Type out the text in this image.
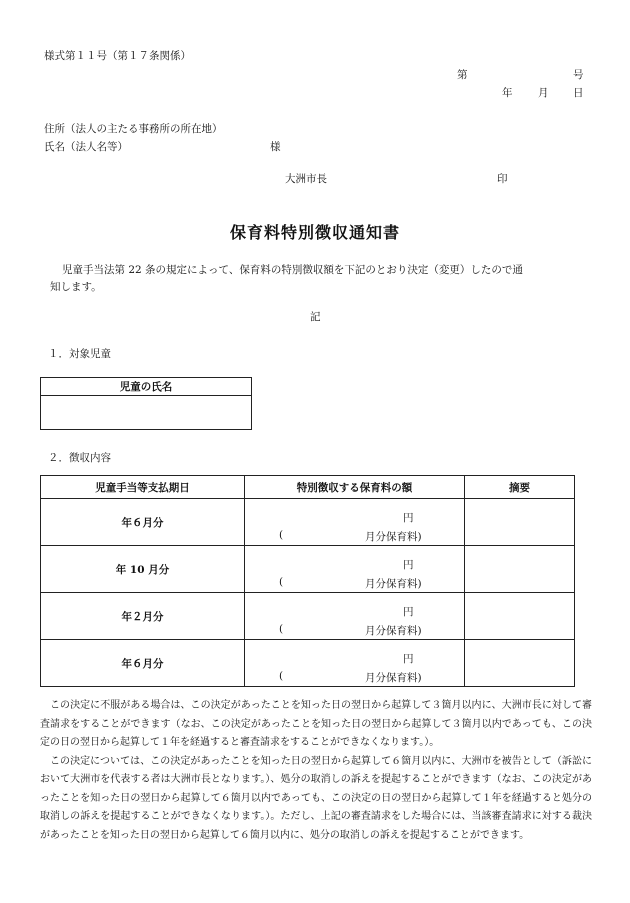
様式第１１号（第１７条関係）
第	号
年 月 日
住所（法人の主たる事務所の所在地）
氏名（法人名等）	様
大洲市長	印
保育料特別徴収通知書
児童手当法第 22 条の規定によって、保育料の特別徴収額を下記のとおり決定（変更）したので通
知します。
記
１．対象児童
児童の氏名

２．徴収内容
児童手当等支払期日	特別徴収する保育料の額	摘要
年６月分	円
( 月分保育料)	

年 10 月分	円
( 月分保育料)	

年２月分	円
( 月分保育料)	

年６月分	円
( 月分保育料)	

この決定に不服がある場合は、この決定があったことを知った日の翌日から起算して３箇月以内に、大洲市長に対して審査請求をすることができます（なお、この決定があったことを知った日の翌日から起算して３箇月以内であっても、この決定の日の翌日から起算して１年を経過すると審査請求をすることができなくなります。）。

この決定については、この決定があったことを知った日の翌日から起算して６箇月以内に、大洲市を被告として（訴訟において大洲市を代表する者は大洲市長となります。）、処分の取消しの訴えを提起することができます（なお、この決定があったことを知った日の翌日から起算して６箇月以内であっても、この決定の日の翌日から起算して１年を経過すると処分の取消しの訴えを提起することができなくなります。）。ただし、上記の審査請求をした場合には、当該審査請求に対する裁決があったことを知った日の翌日から起算して６箇月以内に、処分の取消しの訴えを提起することができます。
